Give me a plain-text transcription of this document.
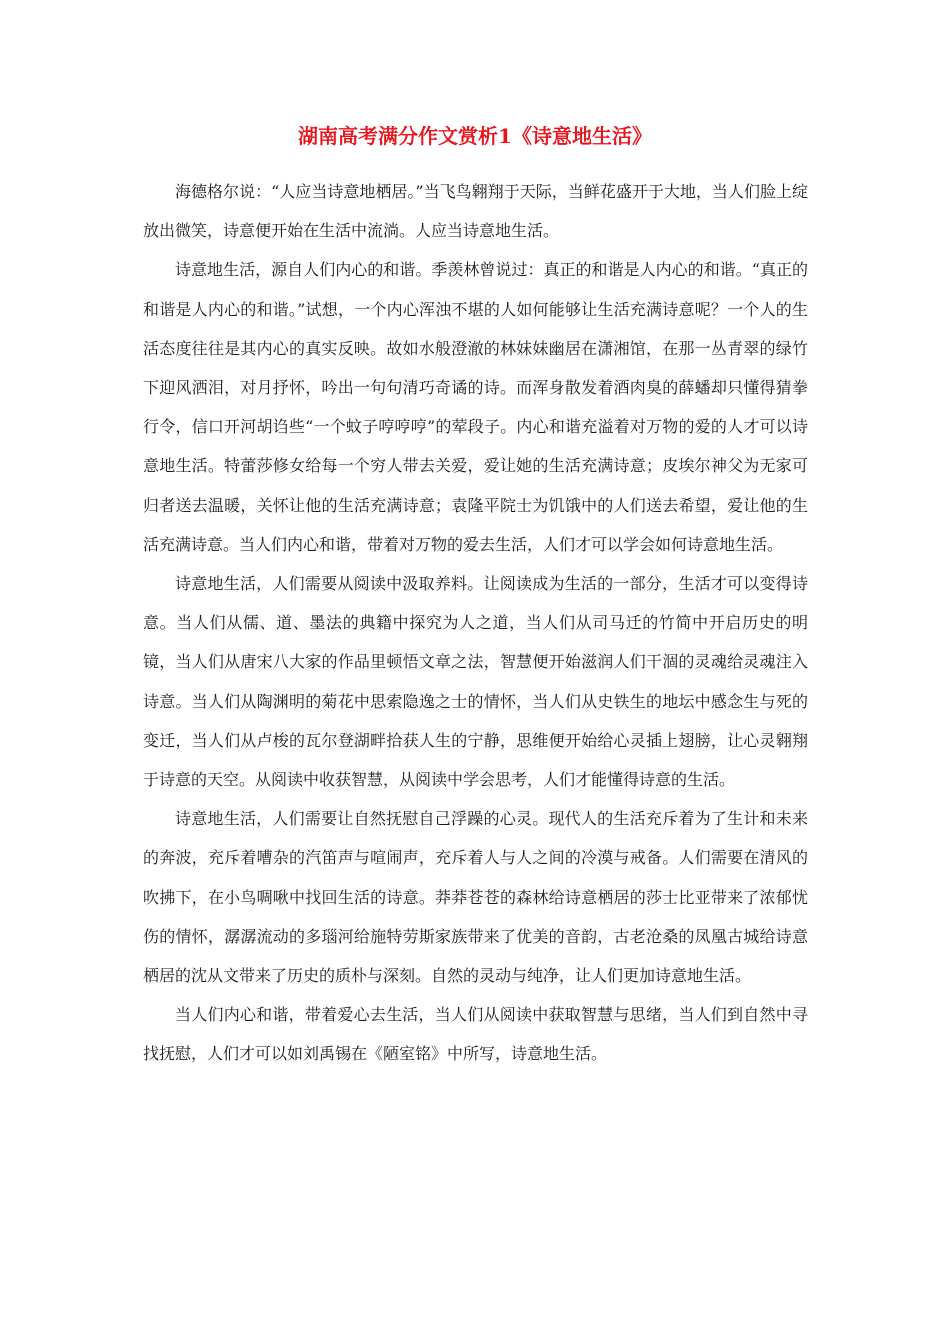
湖南高考满分作文赏析1《诗意地生活》

海德格尔说：“人应当诗意地栖居。”当飞鸟翱翔于天际，当鲜花盛开于大地，当人们脸上绽放出微笑，诗意便开始在生活中流淌。人应当诗意地生活。

诗意地生活，源自人们内心的和谐。季羡林曾说过：真正的和谐是人内心的和谐。“真正的和谐是人内心的和谐。”试想，一个内心浑浊不堪的人如何能够让生活充满诗意呢？一个人的生活态度往往是其内心的真实反映。故如水般澄澈的林妹妹幽居在潇湘馆，在那一丛青翠的绿竹下迎风洒泪，对月抒怀，吟出一句句清巧奇谲的诗。而浑身散发着酒肉臭的薛蟠却只懂得猜拳行令，信口开河胡诌些“一个蚊子哼哼哼”的荤段子。内心和谐充溢着对万物的爱的人才可以诗意地生活。特蕾莎修女给每一个穷人带去关爱，爱让她的生活充满诗意；皮埃尔神父为无家可归者送去温暖，关怀让他的生活充满诗意；袁隆平院士为饥饿中的人们送去希望，爱让他的生活充满诗意。当人们内心和谐，带着对万物的爱去生活，人们才可以学会如何诗意地生活。

诗意地生活，人们需要从阅读中汲取养料。让阅读成为生活的一部分，生活才可以变得诗意。当人们从儒、道、墨法的典籍中探究为人之道，当人们从司马迁的竹简中开启历史的明镜，当人们从唐宋八大家的作品里顿悟文章之法，智慧便开始滋润人们干涸的灵魂给灵魂注入诗意。当人们从陶渊明的菊花中思索隐逸之士的情怀，当人们从史铁生的地坛中感念生与死的变迁，当人们从卢梭的瓦尔登湖畔拾获人生的宁静，思维便开始给心灵插上翅膀，让心灵翱翔于诗意的天空。从阅读中收获智慧，从阅读中学会思考，人们才能懂得诗意的生活。

诗意地生活，人们需要让自然抚慰自己浮躁的心灵。现代人的生活充斥着为了生计和未来的奔波，充斥着嘈杂的汽笛声与喧闹声，充斥着人与人之间的冷漠与戒备。人们需要在清风的吹拂下，在小鸟啁啾中找回生活的诗意。莽莽苍苍的森林给诗意栖居的莎士比亚带来了浓郁忧伤的情怀，潺潺流动的多瑙河给施特劳斯家族带来了优美的音韵，古老沧桑的凤凰古城给诗意栖居的沈从文带来了历史的质朴与深刻。自然的灵动与纯净，让人们更加诗意地生活。

当人们内心和谐，带着爱心去生活，当人们从阅读中获取智慧与思绪，当人们到自然中寻找抚慰，人们才可以如刘禹锡在《陋室铭》中所写，诗意地生活。
